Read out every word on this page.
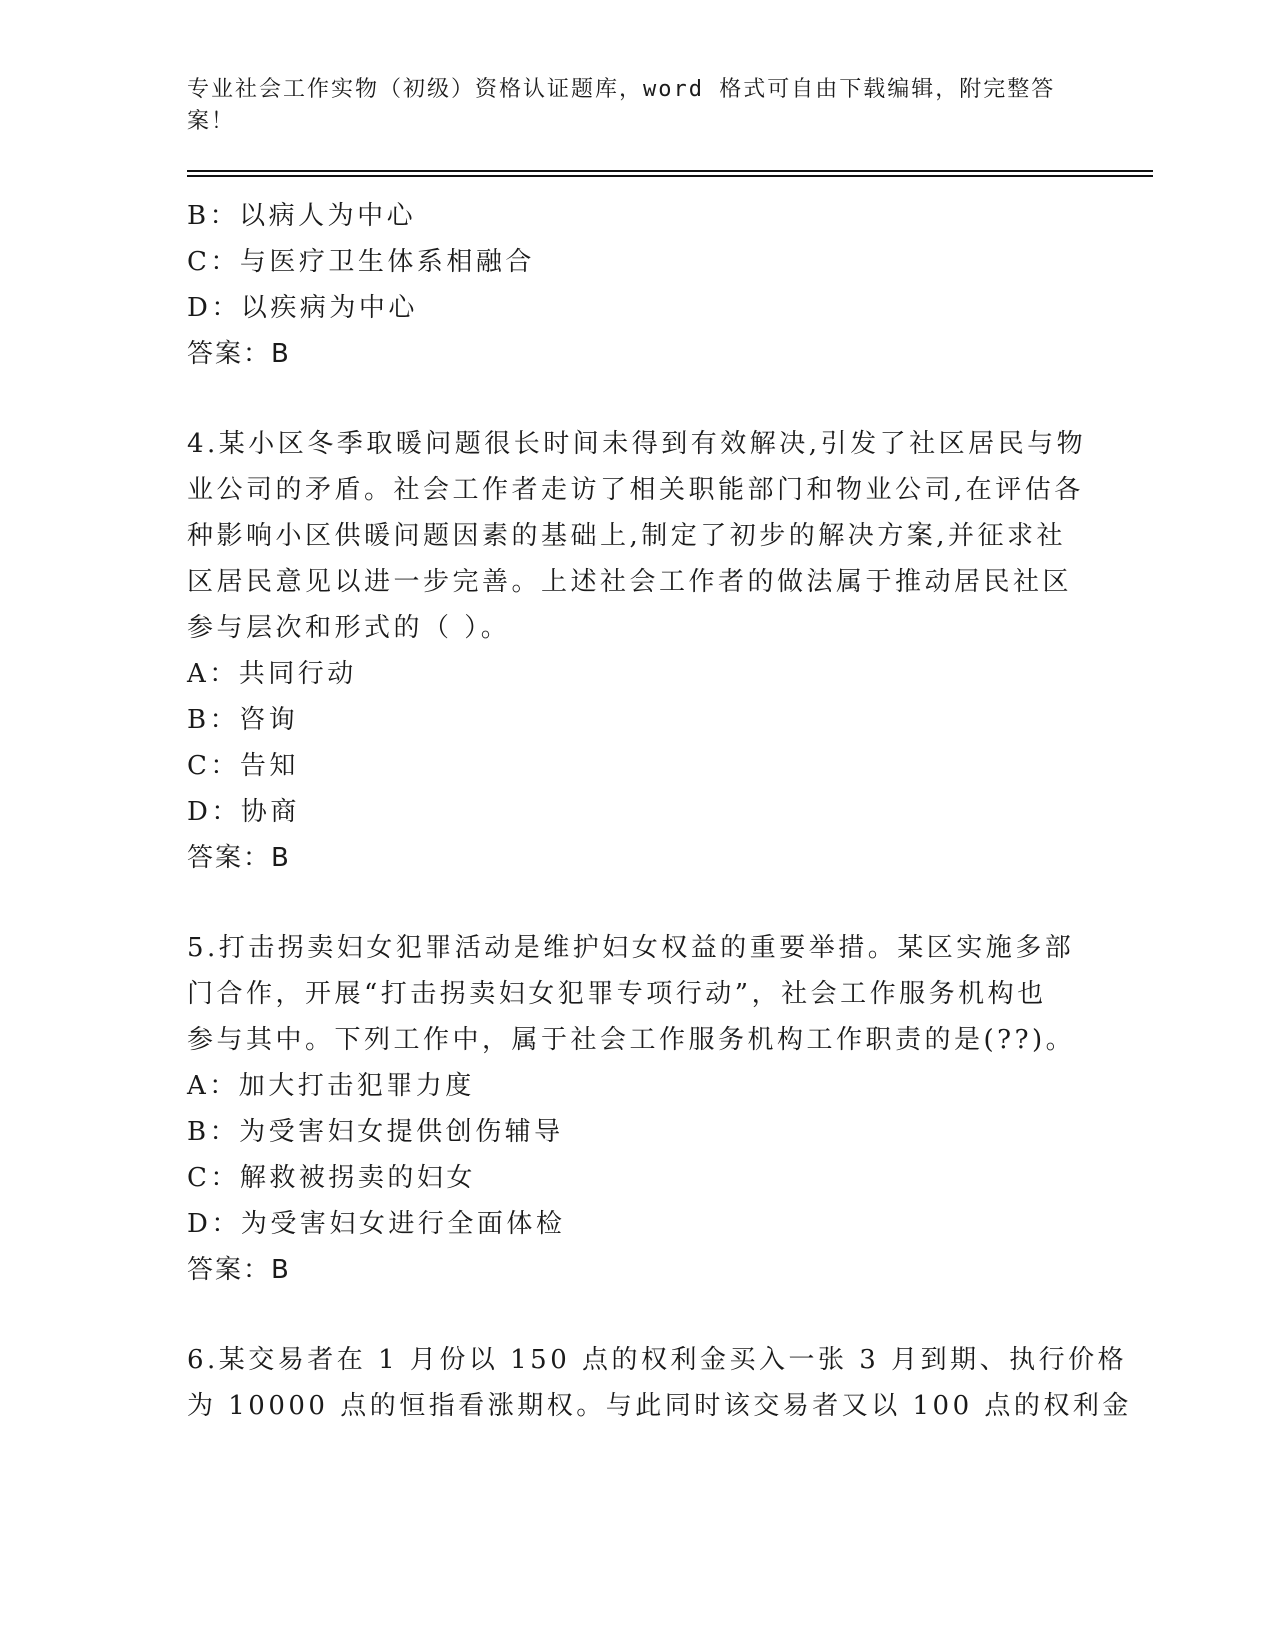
专业社会工作实物（初级）资格认证题库，word 格式可自由下载编辑，附完整答
案！
B：以病人为中心
C：与医疗卫生体系相融合
D：以疾病为中心
答案：B
4.某小区冬季取暖问题很长时间未得到有效解决,引发了社区居民与物
业公司的矛盾。社会工作者走访了相关职能部门和物业公司,在评估各
种影响小区供暖问题因素的基础上,制定了初步的解决方案,并征求社
区居民意见以进一步完善。上述社会工作者的做法属于推动居民社区
参与层次和形式的（ ）。
A：共同行动
B：咨询
C：告知
D：协商
答案：B
5.打击拐卖妇女犯罪活动是维护妇女权益的重要举措。某区实施多部
门合作，开展“打击拐卖妇女犯罪专项行动”，社会工作服务机构也
参与其中。下列工作中，属于社会工作服务机构工作职责的是(??)。
A：加大打击犯罪力度
B：为受害妇女提供创伤辅导
C：解救被拐卖的妇女
D：为受害妇女进行全面体检
答案：B
6.某交易者在 1 月份以 150 点的权利金买入一张 3 月到期、执行价格
为 10000 点的恒指看涨期权。与此同时该交易者又以 100 点的权利金
